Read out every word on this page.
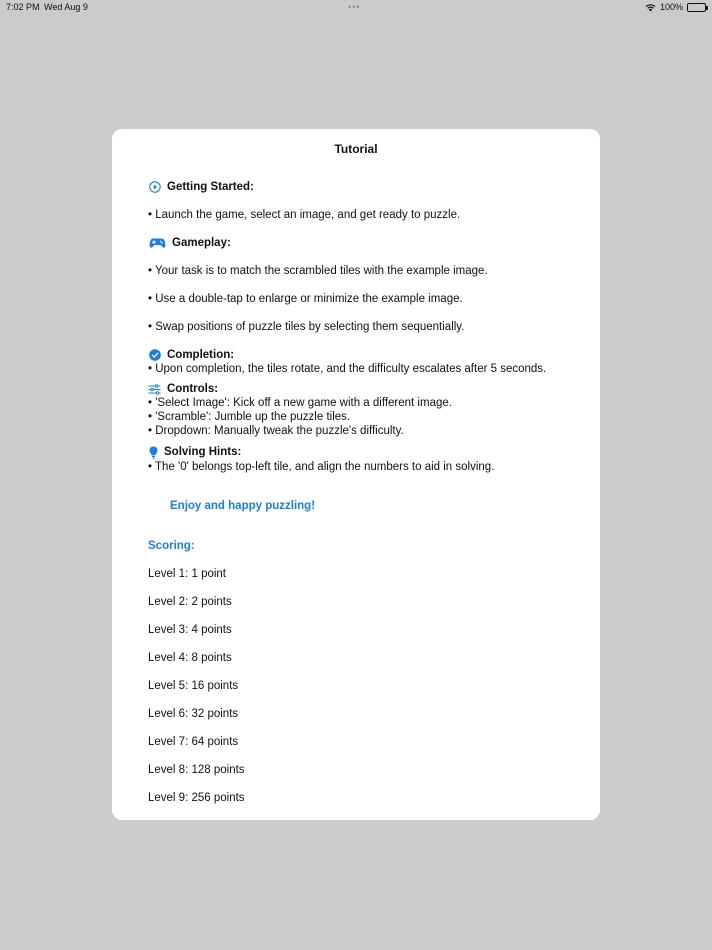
7:02 PM Wed Aug 9	•••	100%
Tutorial
Getting Started:
• Launch the game, select an image, and get ready to puzzle.
Gameplay:
• Your task is to match the scrambled tiles with the example image.
• Use a double-tap to enlarge or minimize the example image.
• Swap positions of puzzle tiles by selecting them sequentially.
Completion:
• Upon completion, the tiles rotate, and the difficulty escalates after 5 seconds.
Controls:
• 'Select Image': Kick off a new game with a different image.
• 'Scramble': Jumble up the puzzle tiles.
• Dropdown: Manually tweak the puzzle's difficulty.
Solving Hints:
• The '0' belongs top-left tile, and align the numbers to aid in solving.
Enjoy and happy puzzling!
Scoring:
Level 1: 1 point
Level 2: 2 points
Level 3: 4 points
Level 4: 8 points
Level 5: 16 points
Level 6: 32 points
Level 7: 64 points
Level 8: 128 points
Level 9: 256 points
